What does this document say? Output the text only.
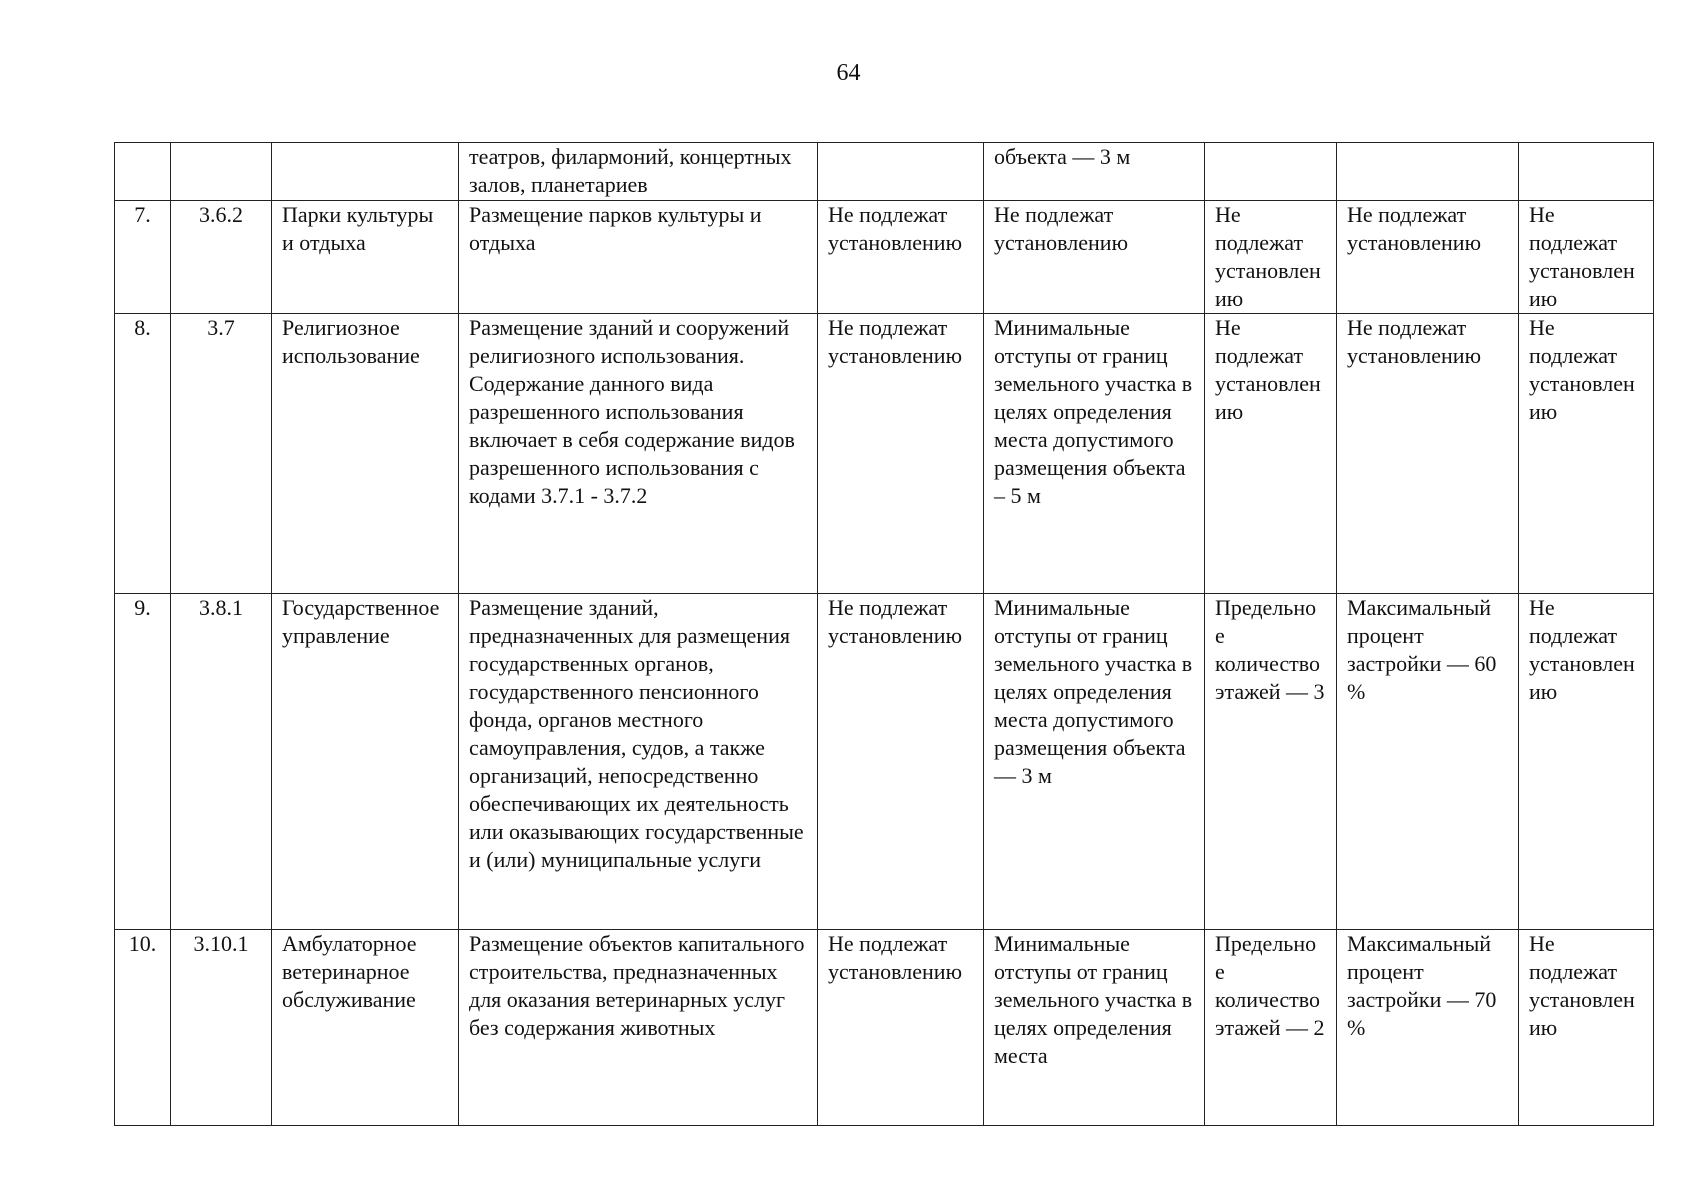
64
			театров, филармоний, концертных залов, планетариев		объекта — 3 м			
7.	3.6.2	Парки культуры и отдыха	Размещение парков культуры и отдыха	Не подлежат установлению	Не подлежат установлению	Не подлежат установлению	Не подлежат установлению	Не подлежат установлению
8.	3.7	Религиозное использование	Размещение зданий и сооружений религиозного использования. Содержание данного вида разрешенного использования включает в себя содержание видов разрешенного использования с кодами 3.7.1 - 3.7.2	Не подлежат установлению	Минимальные отступы от границ земельного участка в целях определения места допустимого размещения объекта – 5 м	Не подлежат установлению	Не подлежат установлению	Не подлежат установлению
9.	3.8.1	Государственное управление	Размещение зданий, предназначенных для размещения государственных органов, государственного пенсионного фонда, органов местного самоуправления, судов, а также организаций, непосредственно обеспечивающих их деятельность или оказывающих государственные и (или) муниципальные услуги	Не подлежат установлению	Минимальные отступы от границ земельного участка в целях определения места допустимого размещения объекта — 3 м	Предельное количество этажей — 3	Максимальный процент застройки — 60 %	Не подлежат установлению
10.	3.10.1	Амбулаторное ветеринарное обслуживание	Размещение объектов капитального строительства, предназначенных для оказания ветеринарных услуг без содержания животных	Не подлежат установлению	Минимальные отступы от границ земельного участка в целях определения места	Предельное количество этажей — 2	Максимальный процент застройки — 70 %	Не подлежат установлению
